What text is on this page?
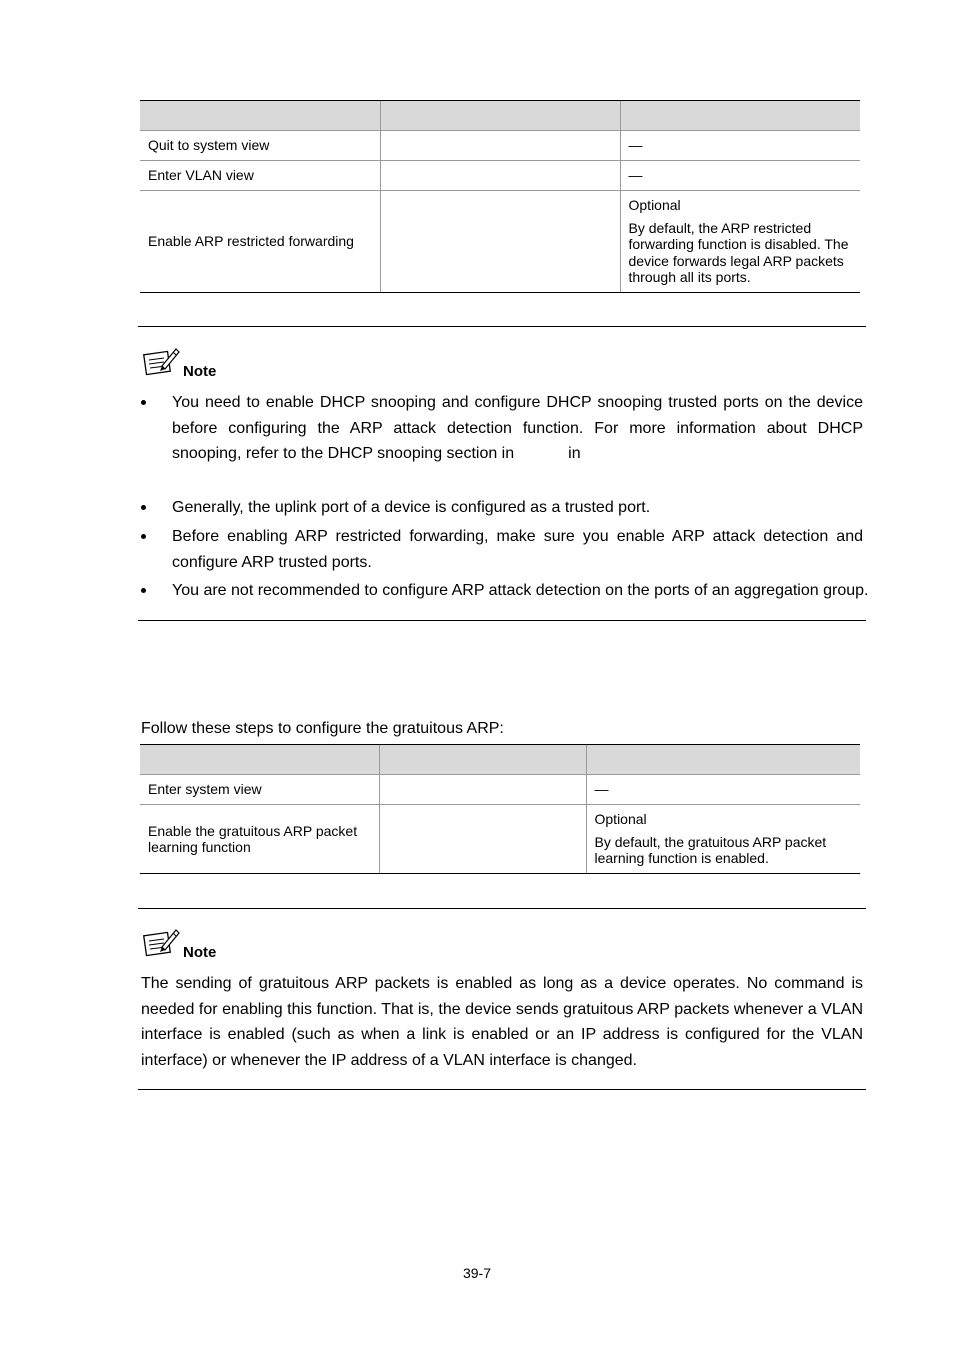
Quit to system view		—

Enter VLAN view		—

Enable ARP restricted forwarding		Optional

By default, the ARP restricted forwarding function is disabled. The device forwards legal ARP packets through all its ports.

Note
You need to enable DHCP snooping and configure DHCP snooping trusted ports on the device before configuring the ARP attack detection function. For more information about DHCP snooping, refer to the DHCP snooping section in	in
Generally, the uplink port of a device is configured as a trusted port.
Before enabling ARP restricted forwarding, make sure you enable ARP attack detection and configure ARP trusted ports.
You are not recommended to configure ARP attack detection on the ports of an aggregation group.
Follow these steps to configure the gratuitous ARP:

Enter system view		—

Enable the gratuitous ARP packet learning function		Optional

By default, the gratuitous ARP packet learning function is enabled.

Note
The sending of gratuitous ARP packets is enabled as long as a device operates. No command is needed for enabling this function. That is, the device sends gratuitous ARP packets whenever a VLAN interface is enabled (such as when a link is enabled or an IP address is configured for the VLAN interface) or whenever the IP address of a VLAN interface is changed.
39-7
